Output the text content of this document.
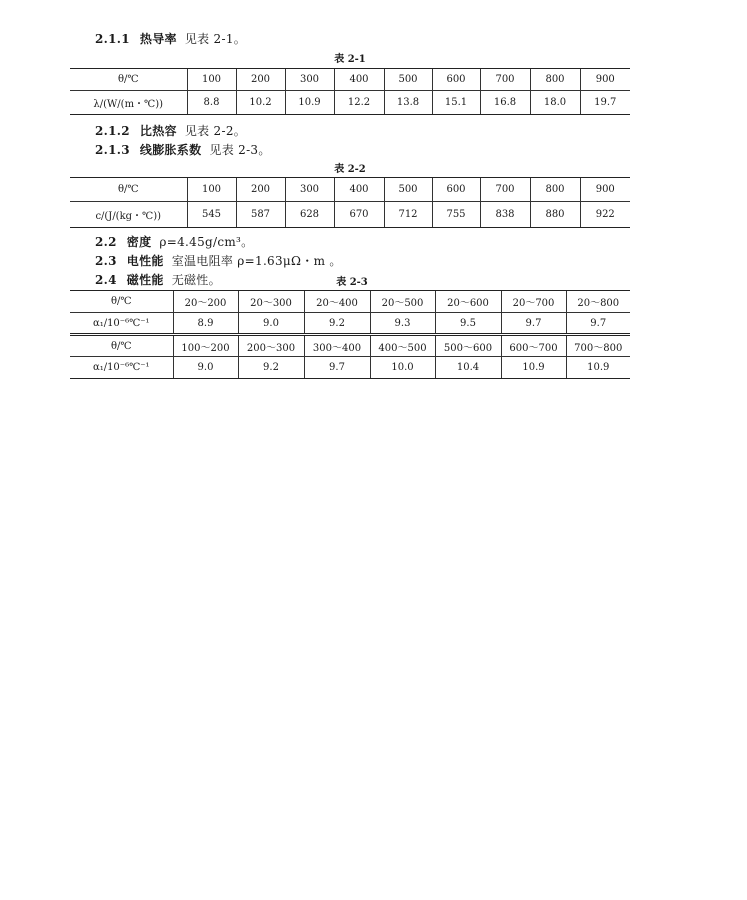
2.1.1 热导率 见表 2-1。
表 2-1
θ/℃	100	200	300	400	500	600	700	800	900
λ/(W/(m・℃))	8.8	10.2	10.9	12.2	13.8	15.1	16.8	18.0	19.7
2.1.2 比热容 见表 2-2。
2.1.3 线膨胀系数 见表 2-3。
表 2-2
θ/℃	100	200	300	400	500	600	700	800	900
c/(J/(kg・℃))	545	587	628	670	712	755	838	880	922
2.2 密度 ρ=4.45g/cm³。
2.3 电性能 室温电阻率 ρ=1.63μΩ・m 。
2.4 磁性能 无磁性。	表 2-3
θ/℃	20～200	20～300	20～400	20～500	20～600	20～700	20～800
α₁/10⁻⁶℃⁻¹	8.9	9.0	9.2	9.3	9.5	9.7	9.7
θ/℃	100～200	200～300	300～400	400～500	500～600	600～700	700～800
α₁/10⁻⁶℃⁻¹	9.0	9.2	9.7	10.0	10.4	10.9	10.9
